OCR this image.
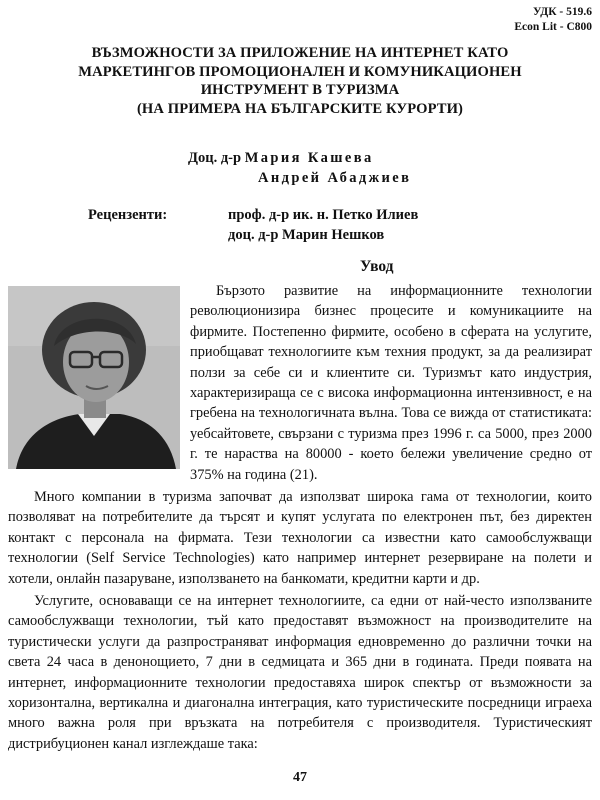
УДК - 519.6
Econ Lit - C800
ВЪЗМОЖНОСТИ ЗА ПРИЛОЖЕНИЕ НА ИНТЕРНЕТ КАТО
МАРКЕТИНГОВ ПРОМОЦИОНАЛЕН И КОМУНИКАЦИОНЕН
ИНСТРУМЕНТ В ТУРИЗМА
(НА ПРИМЕРА НА БЪЛГАРСКИТЕ КУРОРТИ)
Доц. д-р Мария Кашева
Андрей Абаджиев
Рецензенти:	проф. д-р ик. н. Петко Илиев
доц. д-р Марин Нешков
Увод

Бързото развитие на информационните технологии революционизира бизнес процесите и комуникациите на фирмите. Постепенно фирмите, особено в сферата на услугите, приобщават технологиите към техния продукт, за да реализират ползи за себе си и клиентите си. Туризмът като индустрия, характеризираща се с висока информационна интензивност, е на гребена на технологичната вълна. Това се вижда от статистиката: уебсайтовете, свързани с туризма през 1996 г. са 5000, през 2000 г. те нараства на 80000 - което бележи увеличение средно от 375% на година (21).

Много компании в туризма започват да използват широка гама от технологии, които позволяват на потребителите да търсят и купят услугата по електронен път, без директен контакт с персонала на фирмата. Тези технологии са известни като самообслужващи технологии (Self Service Technologies) като например интернет резервиране на полети и хотели, онлайн пазаруване, използването на банкомати, кредитни карти и др.

Услугите, основаващи се на интернет технологиите, са едни от най-често използваните самообслужващи технологии, тъй като предоставят възможност на производителите на туристически услуги да разпространяват информация едновременно до различни точки на света 24 часа в денонощието, 7 дни в седмицата и 365 дни в годината. Преди появата на интернет, информационните технологии предоставяха широк спектър от възможности за хоризонтална, вертикална и диагонална интеграция, като туристическите посредници играеха много важна роля при връзката на потребителя с производителя. Туристическият дистрибуционен канал изглеждаше така:

47
